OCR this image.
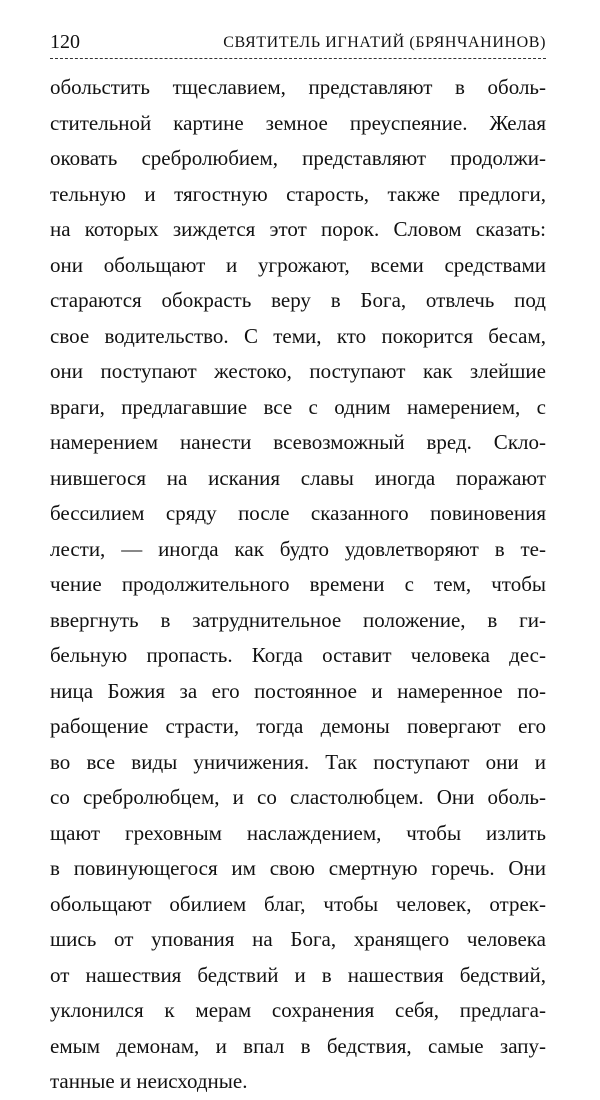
120	СВЯТИТЕЛЬ ИГНАТИЙ (БРЯНЧАНИНОВ)
обольстить тщеславием, представляют в оболь-
стительной картине земное преуспеяние. Желая
оковать сребролюбием, представляют продолжи-
тельную и тягостную старость, также предлоги,
на которых зиждется этот порок. Словом сказать:
они обольщают и угрожают, всеми средствами
стараются обокрасть веру в Бога, отвлечь под
свое водительство. С теми, кто покорится бесам,
они поступают жестоко, поступают как злейшие
враги, предлагавшие все с одним намерением, с
намерением нанести всевозможный вред. Скло-
нившегося на искания славы иногда поражают
бессилием сряду после сказанного повиновения
лести, — иногда как будто удовлетворяют в те-
чение продолжительного времени с тем, чтобы
ввергнуть в затруднительное положение, в ги-
бельную пропасть. Когда оставит человека дес-
ница Божия за его постоянное и намеренное по-
рабощение страсти, тогда демоны повергают его
во все виды уничижения. Так поступают они и
со сребролюбцем, и со сластолюбцем. Они оболь-
щают греховным наслаждением, чтобы излить
в повинующегося им свою смертную горечь. Они
обольщают обилием благ, чтобы человек, отрек-
шись от упования на Бога, хранящего человека
от нашествия бедствий и в нашествия бедствий,
уклонился к мерам сохранения себя, предлага-
емым демонам, и впал в бедствия, самые запу-
танные и неисходные.
